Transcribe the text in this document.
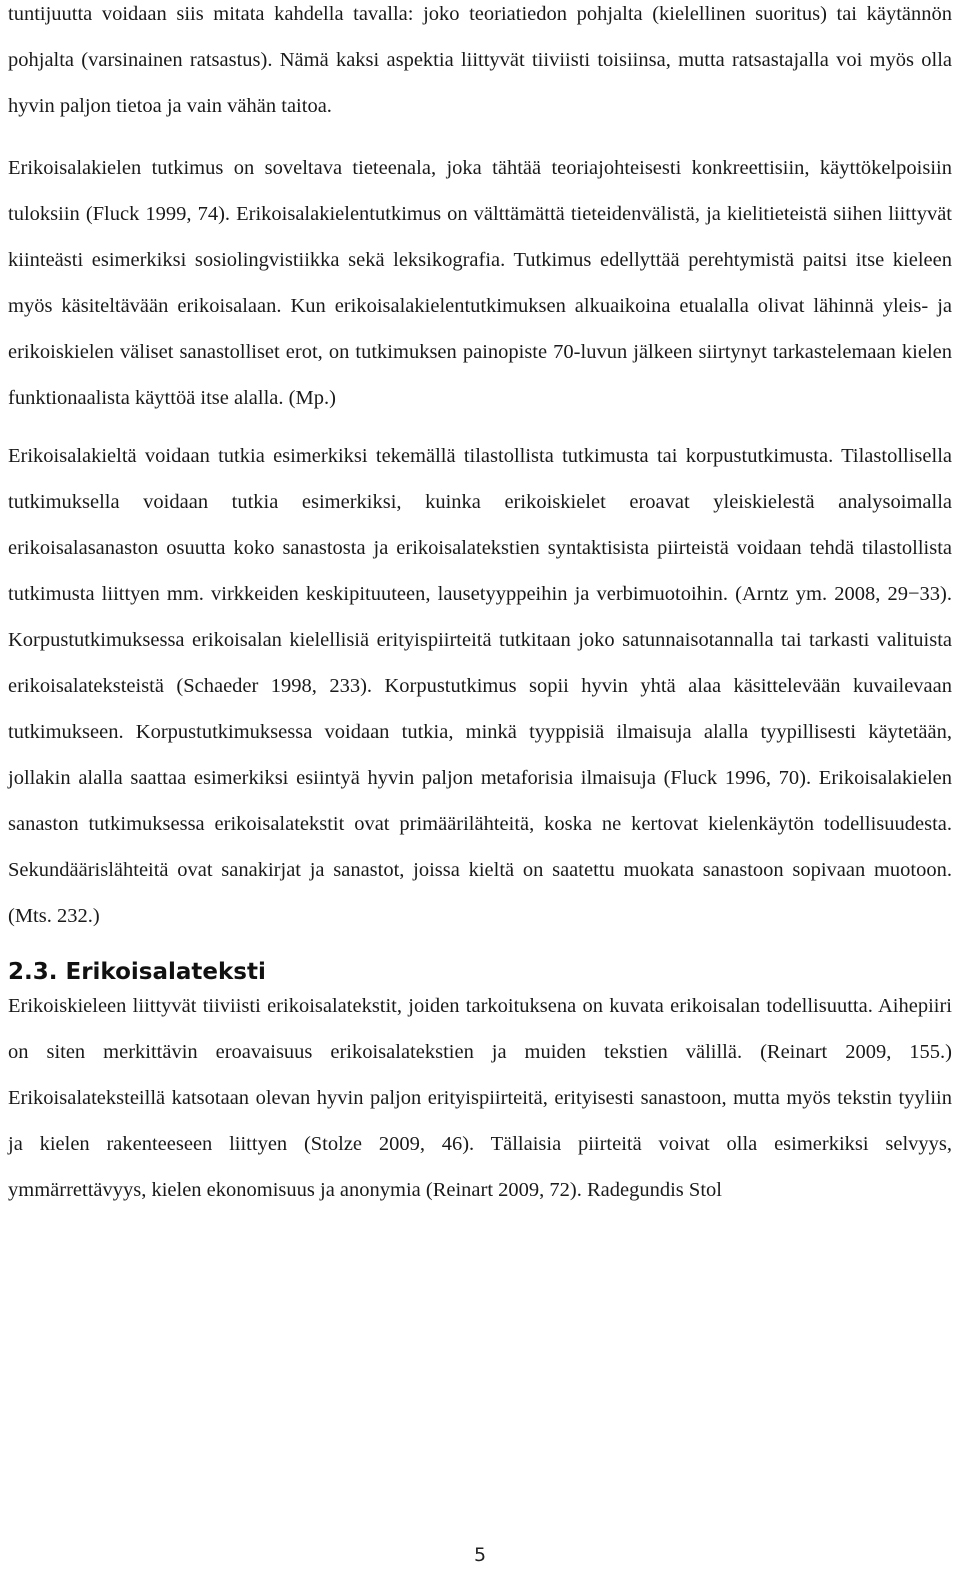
tuntijuutta voidaan siis mitata kahdella tavalla: joko teoriatiedon pohjalta (kielellinen suoritus) tai käytännön pohjalta (varsinainen ratsastus). Nämä kaksi aspektia liittyvät tiiviisti toisiinsa, mutta ratsastajalla voi myös olla hyvin paljon tietoa ja vain vähän taitoa.

Erikoisalakielen tutkimus on soveltava tieteenala, joka tähtää teoriajohteisesti konkreettisiin, käyttökelpoisiin tuloksiin (Fluck 1999, 74). Erikoisalakielentutkimus on välttämättä tieteidenvälistä, ja kielitieteistä siihen liittyvät kiinteästi esimerkiksi sosiolingvistiikka sekä leksikografia. Tutkimus edellyttää perehtymistä paitsi itse kieleen myös käsiteltävään erikoisalaan. Kun erikoisalakielentutkimuksen alkuaikoina etualalla olivat lähinnä yleis- ja erikoiskielen väliset sanastolliset erot, on tutkimuksen painopiste 70-luvun jälkeen siirtynyt tarkastelemaan kielen funktionaalista käyttöä itse alalla. (Mp.)

Erikoisalakieltä voidaan tutkia esimerkiksi tekemällä tilastollista tutkimusta tai korpustutkimusta. Tilastollisella tutkimuksella voidaan tutkia esimerkiksi, kuinka erikoiskielet eroavat yleiskielestä analysoimalla erikoisalasanaston osuutta koko sanastosta ja erikoisalatekstien syntaktisista piirteistä voidaan tehdä tilastollista tutkimusta liittyen mm. virkkeiden keskipituuteen, lausetyyppeihin ja verbimuotoihin. (Arntz ym. 2008, 29−33). Korpustutkimuksessa erikoisalan kielellisiä erityispiirteitä tutkitaan joko satunnaisotannalla tai tarkasti valituista erikoisalateksteistä (Schaeder 1998, 233). Korpustutkimus sopii hyvin yhtä alaa käsittelevään kuvailevaan tutkimukseen. Korpustutkimuksessa voidaan tutkia, minkä tyyppisiä ilmaisuja alalla tyypillisesti käytetään, jollakin alalla saattaa esimerkiksi esiintyä hyvin paljon metaforisia ilmaisuja (Fluck 1996, 70). Erikoisalakielen sanaston tutkimuksessa erikoisalatekstit ovat primäärilähteitä, koska ne kertovat kielenkäytön todellisuudesta. Sekundäärislähteitä ovat sanakirjat ja sanastot, joissa kieltä on saatettu muokata sanastoon sopivaan muotoon. (Mts. 232.)

2.3. Erikoisalateksti

Erikoiskieleen liittyvät tiiviisti erikoisalatekstit, joiden tarkoituksena on kuvata erikoisalan todellisuutta. Aihepiiri on siten merkittävin eroavaisuus erikoisalatekstien ja muiden tekstien välillä. (Reinart 2009, 155.) Erikoisalateksteillä katsotaan olevan hyvin paljon erityispiirteitä, erityisesti sanastoon, mutta myös tekstin tyyliin ja kielen rakenteeseen liittyen (Stolze 2009, 46). Tällaisia piirteitä voivat olla esimerkiksi selvyys, ymmärrettävyys, kielen ekonomisuus ja anonymia (Reinart 2009, 72). Radegundis Stol

5
